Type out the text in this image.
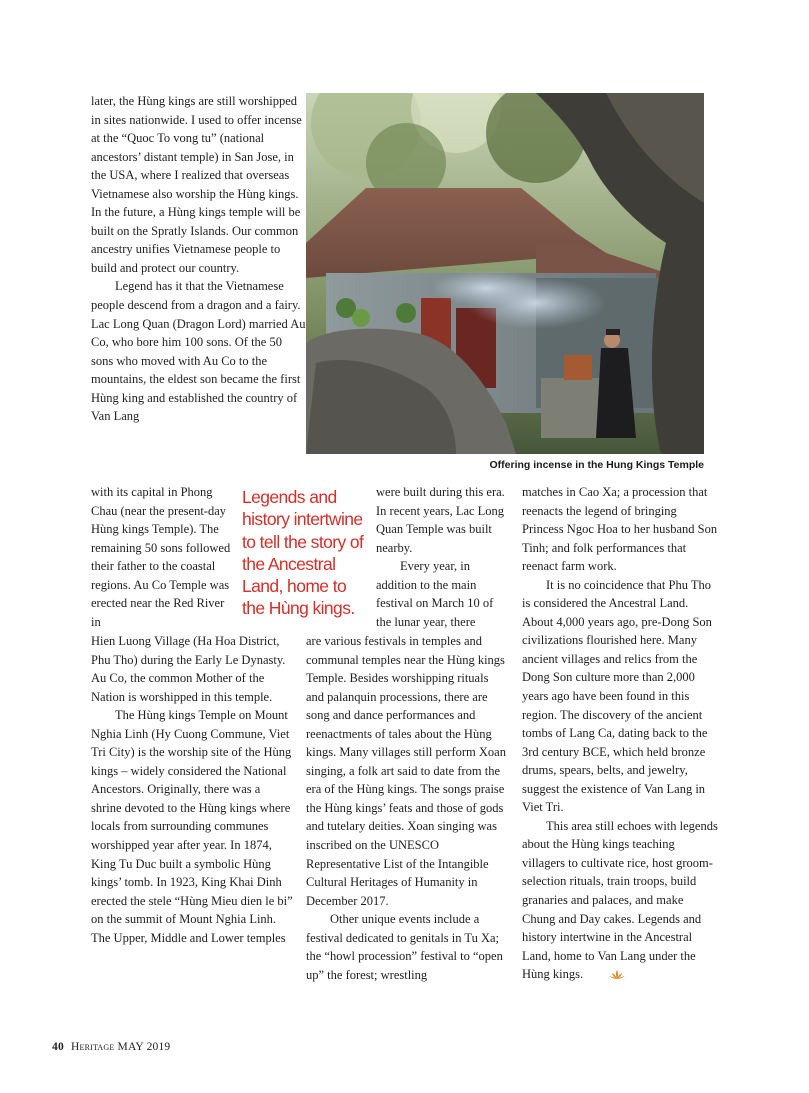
later, the Hùng kings are still worshipped in sites nationwide. I used to offer incense at the “Quoc To vong tu” (national ancestors’ distant temple) in San Jose, in the USA, where I realized that overseas Vietnamese also worship the Hùng kings. In the future, a Hùng kings temple will be built on the Spratly Islands. Our common ancestry unifies Vietnamese people to build and protect our country.

Legend has it that the Vietnamese people descend from a dragon and a fairy. Lac Long Quan (Dragon Lord) married Au Co, who bore him 100 sons. Of the 50 sons who moved with Au Co to the mountains, the eldest son became the first Hùng king and established the country of Van Lang

with its capital in Phong Chau (near the present-day Hùng kings Temple). The remaining 50 sons followed their father to the coastal regions. Au Co Temple was erected near the Red River in

Legends and history intertwine to tell the story of the Ancestral Land, home to the Hùng kings.

Hien Luong Village (Ha Hoa District, Phu Tho) during the Early Le Dynasty. Au Co, the common Mother of the Nation is worshipped in this temple.

The Hùng kings Temple on Mount Nghia Linh (Hy Cuong Commune, Viet Tri City) is the worship site of the Hùng kings – widely considered the National Ancestors. Originally, there was a shrine devoted to the Hùng kings where locals from surrounding communes worshipped year after year. In 1874, King Tu Duc built a symbolic Hùng kings’ tomb. In 1923, King Khai Dinh erected the stele “Hùng Mieu dien le bi” on the summit of Mount Nghia Linh. The Upper, Middle and Lower temples

were built during this era. In recent years, Lac Long Quan Temple was built nearby.

Every year, in addition to the main festival on March 10 of the lunar year, there

are various festivals in temples and communal temples near the Hùng kings Temple. Besides worshipping rituals and palanquin processions, there are song and dance performances and reenactments of tales about the Hùng kings. Many villages still perform Xoan singing, a folk art said to date from the era of the Hùng kings. The songs praise the Hùng kings’ feats and those of gods and tutelary deities. Xoan singing was inscribed on the UNESCO Representative List of the Intangible Cultural Heritages of Humanity in December 2017.

Other unique events include a festival dedicated to genitals in Tu Xa; the “howl procession” festival to “open up” the forest; wrestling

matches in Cao Xa; a procession that reenacts the legend of bringing Princess Ngoc Hoa to her husband Son Tinh; and folk performances that reenact farm work.

It is no coincidence that Phu Tho is considered the Ancestral Land. About 4,000 years ago, pre-Dong Son civilizations flourished here. Many ancient villages and relics from the Dong Son culture more than 2,000 years ago have been found in this region. The discovery of the ancient tombs of Lang Ca, dating back to the 3rd century BCE, which held bronze drums, spears, belts, and jewelry, suggest the existence of Van Lang in Viet Tri.

This area still echoes with legends about the Hùng kings teaching villagers to cultivate rice, host groom-selection rituals, train troops, build granaries and palaces, and make Chung and Day cakes. Legends and history intertwine in the Ancestral Land, home to Van Lang under the Hùng kings.

Offering incense in the Hung Kings Temple
40 Heritage MAY 2019
